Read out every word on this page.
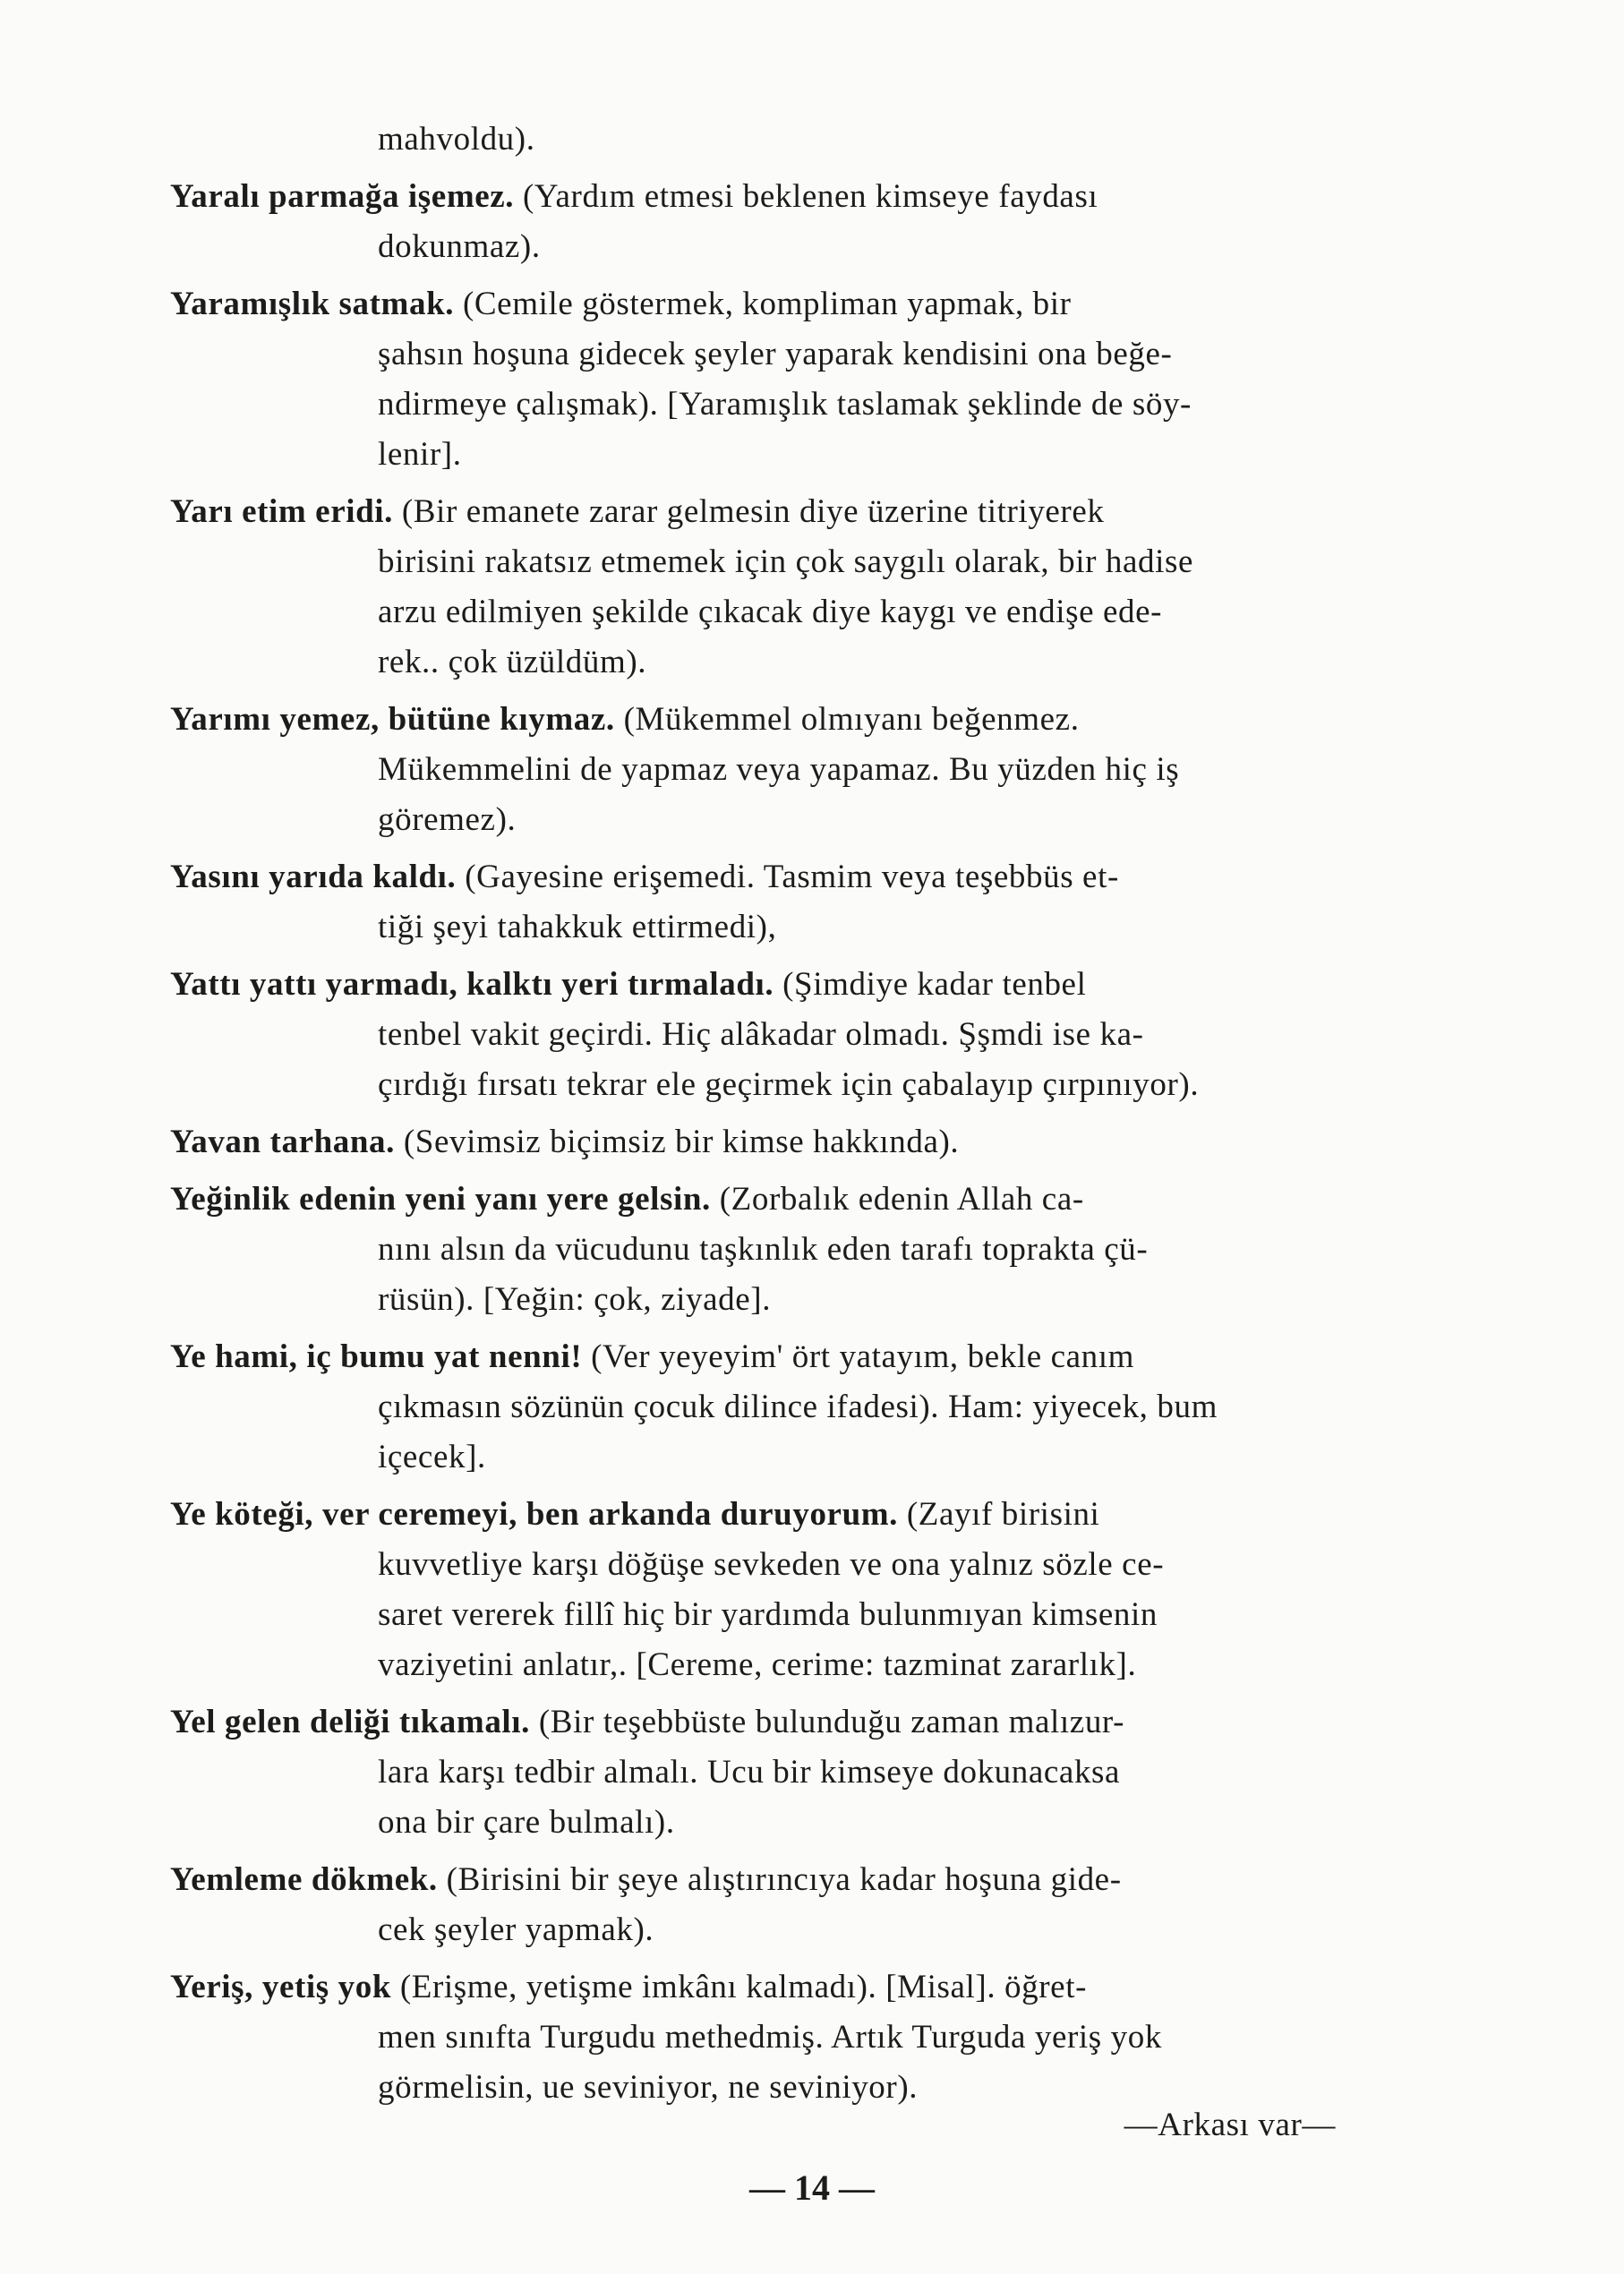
mahvoldu).
Yaralı parmağa işemez. (Yardım etmesi beklenen kimseye faydası
dokunmaz).
Yaramışlık satmak. (Cemile göstermek, kompliman yapmak, bir
şahsın hoşuna gidecek şeyler yaparak kendisini ona beğe-
ndirmeye çalışmak). [Yaramışlık taslamak şeklinde de söy-
lenir].
Yarı etim eridi. (Bir emanete zarar gelmesin diye üzerine titriyerek
birisini rakatsız etmemek için çok saygılı olarak, bir hadise
arzu edilmiyen şekilde çıkacak diye kaygı ve endişe ede-
rek.. çok üzüldüm).
Yarımı yemez, bütüne kıymaz. (Mükemmel olmıyanı beğenmez.
Mükemmelini de yapmaz veya yapamaz. Bu yüzden hiç iş
göremez).
Yasını yarıda kaldı. (Gayesine erişemedi. Tasmim veya teşebbüs et-
tiği şeyi tahakkuk ettirmedi),
Yattı yattı yarmadı, kalktı yeri tırmaladı. (Şimdiye kadar tenbel
tenbel vakit geçirdi. Hiç alâkadar olmadı. Şşmdi ise ka-
çırdığı fırsatı tekrar ele geçirmek için çabalayıp çırpınıyor).
Yavan tarhana. (Sevimsiz biçimsiz bir kimse hakkında).
Yeğinlik edenin yeni yanı yere gelsin. (Zorbalık edenin Allah ca-
nını alsın da vücudunu taşkınlık eden tarafı toprakta çü-
rüsün). [Yeğin: çok, ziyade].
Ye hami, iç bumu yat nenni! (Ver yeyeyim' ört yatayım, bekle canım
çıkmasın sözünün çocuk dilince ifadesi). Ham: yiyecek, bum
içecek].
Ye köteği, ver ceremeyi, ben arkanda duruyorum. (Zayıf birisini
kuvvetliye karşı döğüşe sevkeden ve ona yalnız sözle ce-
saret vererek fillî hiç bir yardımda bulunmıyan kimsenin
vaziyetini anlatır,. [Cereme, cerime: tazminat zararlık].
Yel gelen deliği tıkamalı. (Bir teşebbüste bulunduğu zaman malızur-
lara karşı tedbir almalı. Ucu bir kimseye dokunacaksa
ona bir çare bulmalı).
Yemleme dökmek. (Birisini bir şeye alıştırıncıya kadar hoşuna gide-
cek şeyler yapmak).
Yeriş, yetiş yok (Erişme, yetişme imkânı kalmadı). [Misal]. öğret-
men sınıfta Turgudu methedmiş. Artık Turguda yeriş yok
görmelisin, ue seviniyor, ne seviniyor).
—Arkası var—
— 14 —
